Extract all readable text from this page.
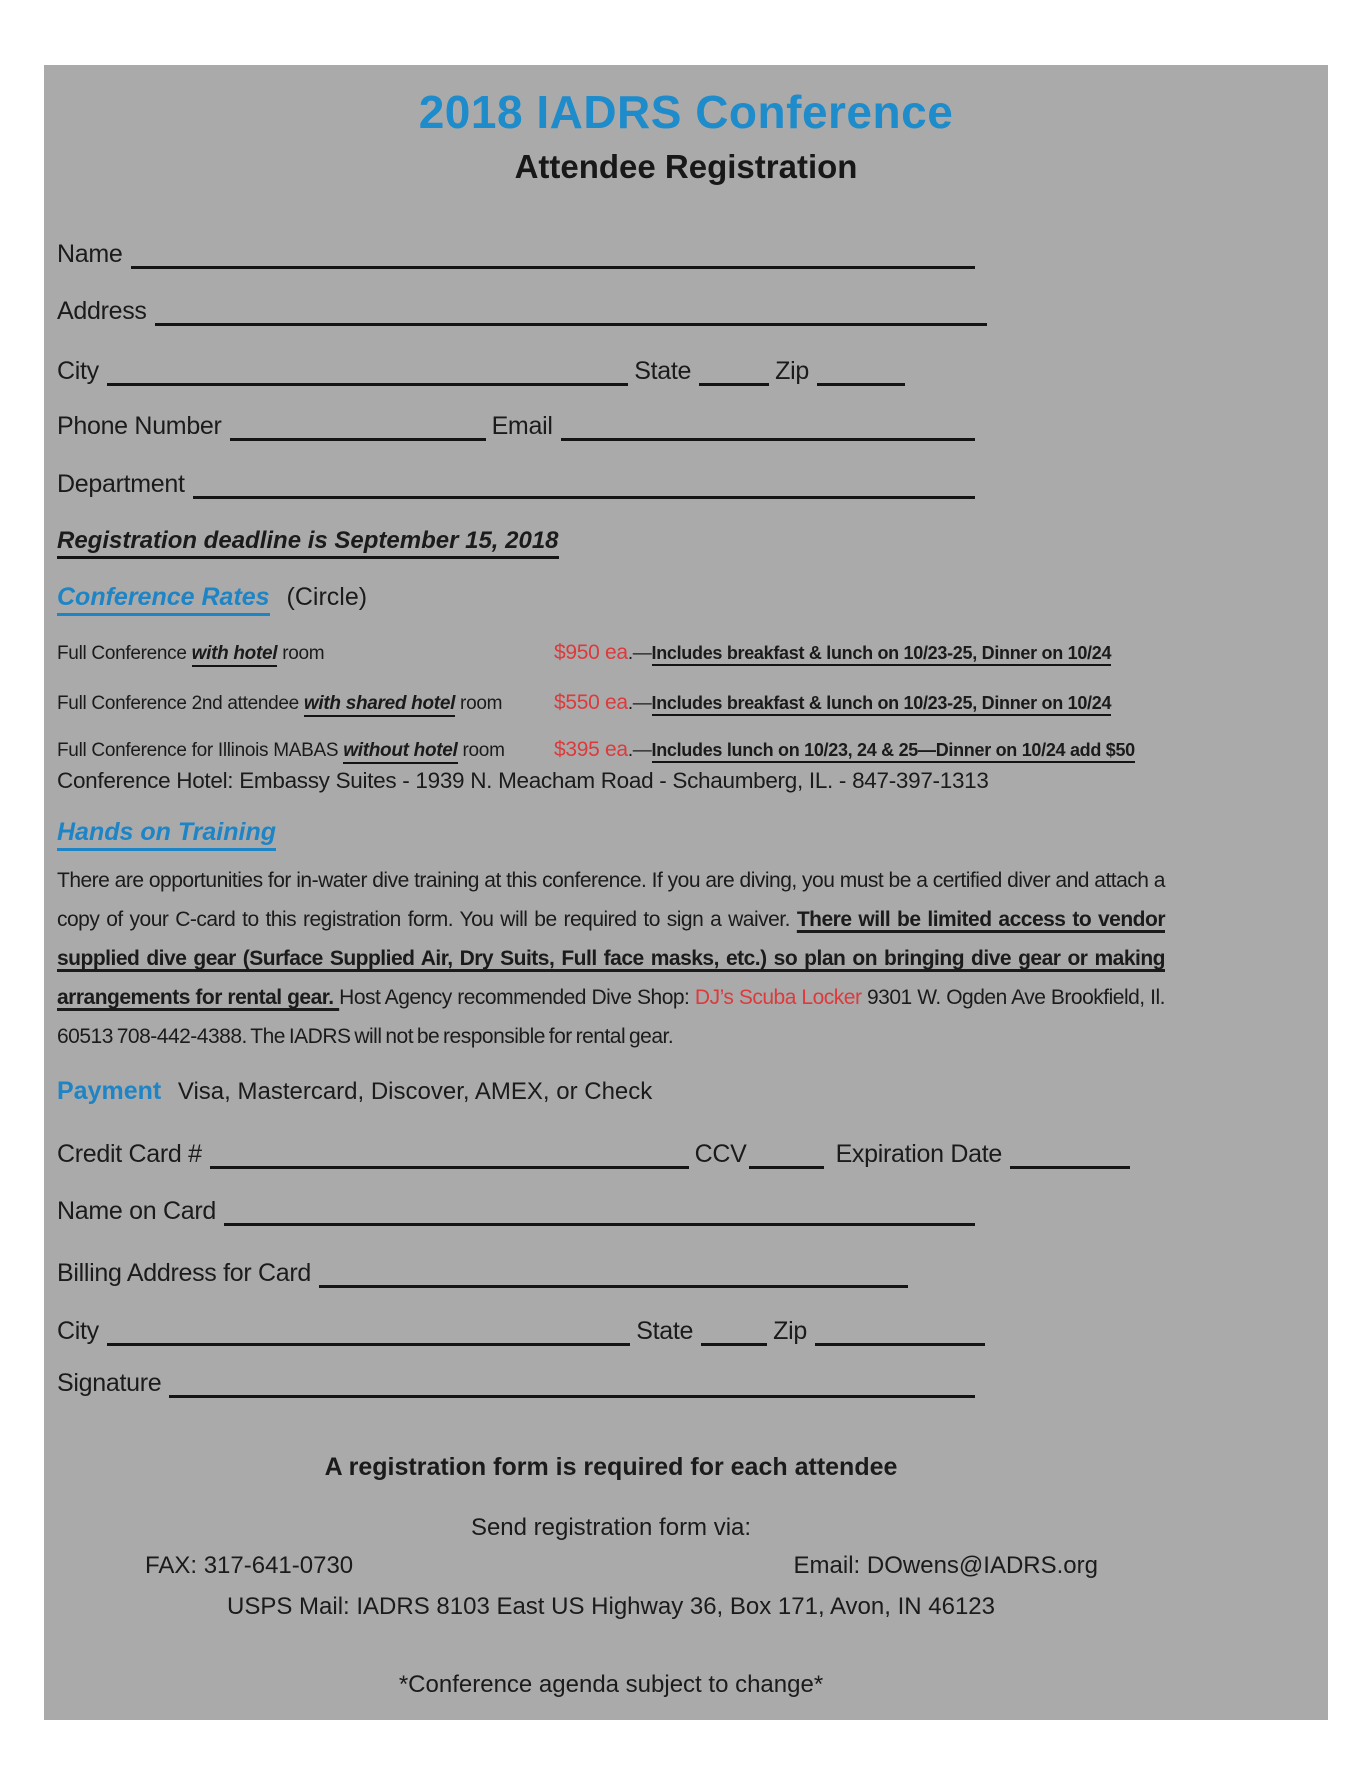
2018 IADRS Conference
Attendee Registration
Name
Address
City	State	Zip
Phone Number	Email
Department
Registration deadline is September 15, 2018
Conference Rates (Circle)
Full Conference with hotel room	$950 ea.—Includes breakfast & lunch on 10/23-25, Dinner on 10/24
Full Conference 2nd attendee with shared hotel room $550 ea.—Includes breakfast & lunch on 10/23-25, Dinner on 10/24
Full Conference for Illinois MABAS without hotel room $395 ea.—Includes lunch on 10/23, 24 & 25—Dinner on 10/24 add $50
Conference Hotel: Embassy Suites - 1939 N. Meacham Road - Schaumberg, IL. - 847-397-1313
Hands on Training
There are opportunities for in-water dive training at this conference. If you are diving, you must be a certified diver and attach a copy of your C-card to this registration form. You will be required to sign a waiver. There will be limited access to vendor supplied dive gear (Surface Supplied Air, Dry Suits, Full face masks, etc.) so plan on bringing dive gear or making arrangements for rental gear. Host Agency recommended Dive Shop: DJ’s Scuba Locker 9301 W. Ogden Ave Brookfield, Il. 60513 708-442-4388. The IADRS will not be responsible for rental gear.
Payment Visa, Mastercard, Discover, AMEX, or Check
Credit Card #	CCV	Expiration Date
Name on Card
Billing Address for Card
City	State	Zip
Signature
A registration form is required for each attendee
Send registration form via:
FAX: 317-641-0730	Email: DOwens@IADRS.org
USPS Mail: IADRS 8103 East US Highway 36, Box 171, Avon, IN 46123
*Conference agenda subject to change*
